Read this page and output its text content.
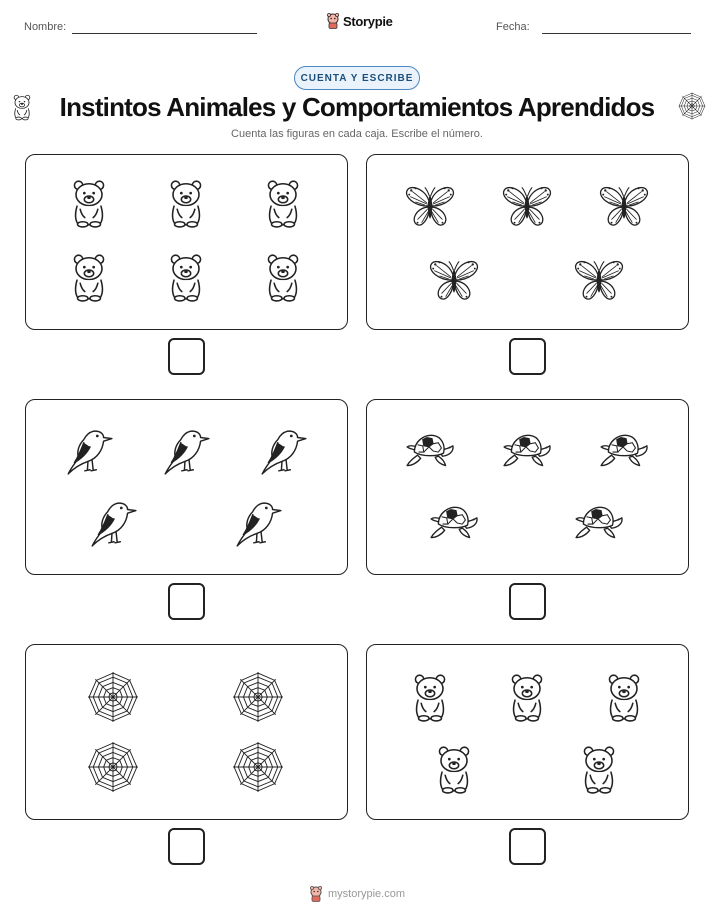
Nombre:	Storypie	Fecha:
CUENTA Y ESCRIBE
Instintos Animales y Comportamientos Aprendidos
Cuenta las figuras en cada caja. Escribe el número.
mystorypie.com
